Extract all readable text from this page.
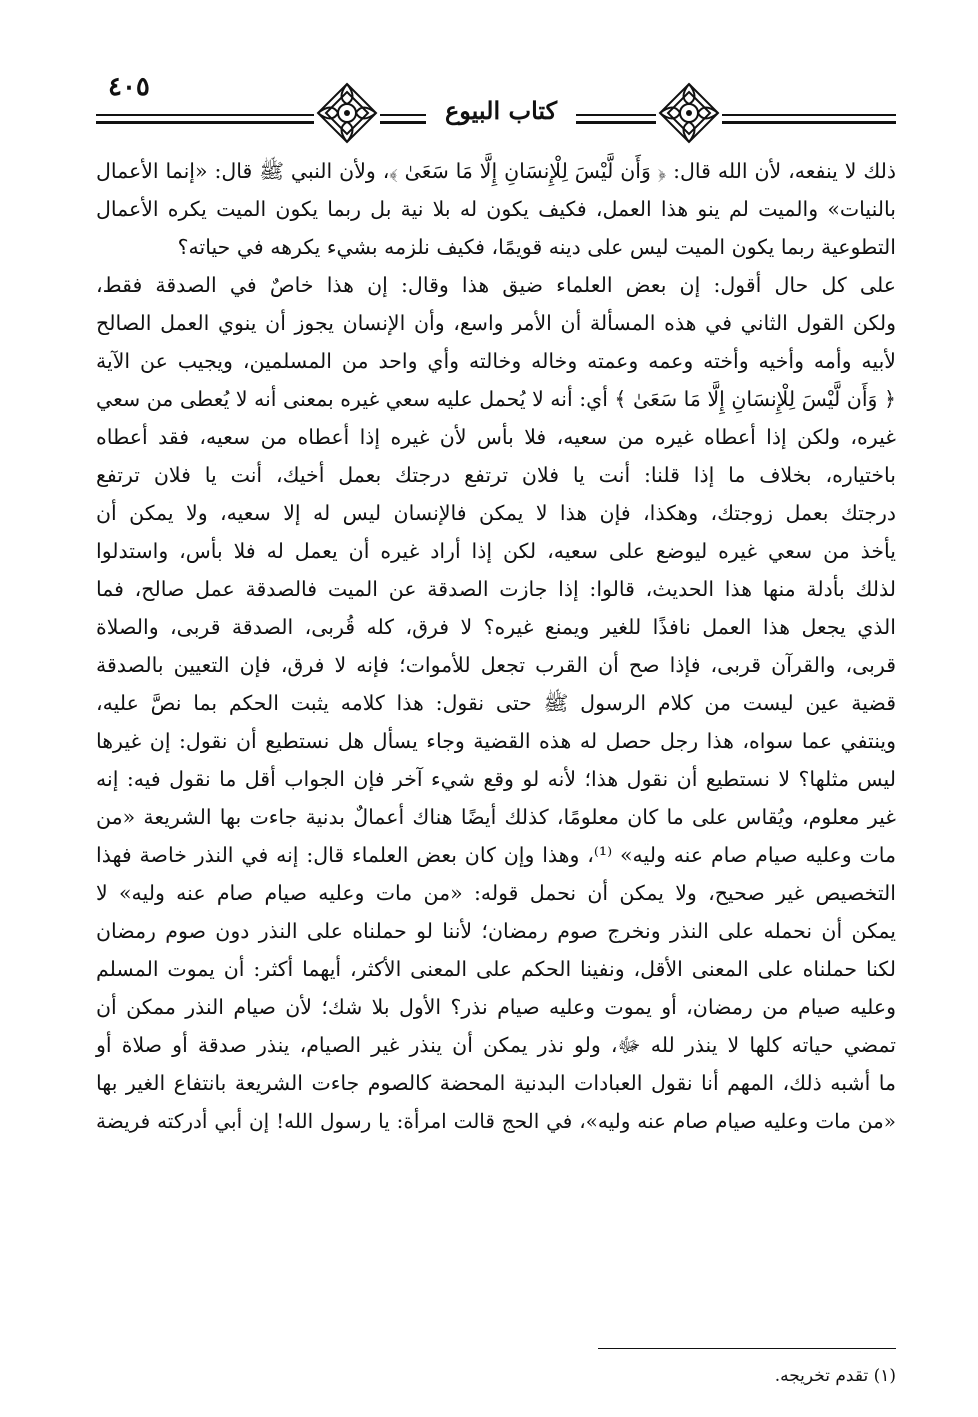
٤٠٥
كتاب البيوع
ذلك لا ينفعه، لأن الله قال: ﴿ وَأَن لَّيْسَ لِلْإِنسَانِ إِلَّا مَا سَعَىٰ ﴾، ولأن النبي ﷺ قال: «إنما الأعمال
بالنيات» والميت لم ينو هذا العمل، فكيف يكون له بلا نية بل ربما يكون الميت يكره الأعمال
التطوعية ربما يكون الميت ليس على دينه قويمًا، فكيف نلزمه بشيء يكرهه في حياته؟
على كل حال أقول: إن بعض العلماء ضيق هذا وقال: إن هذا خاصٌ في الصدقة فقط،
ولكن القول الثاني في هذه المسألة أن الأمر واسع، وأن الإنسان يجوز أن ينوي العمل الصالح
لأبيه وأمه وأخيه وأخته وعمه وعمته وخاله وخالته وأي واحد من المسلمين، ويجيب عن الآية
﴿ وَأَن لَّيْسَ لِلْإِنسَانِ إِلَّا مَا سَعَىٰ ﴾ أي: أنه لا يُحمل عليه سعي غيره بمعنى أنه لا يُعطى من سعي
غيره، ولكن إذا أعطاه غيره من سعيه، فلا بأس لأن غيره إذا أعطاه من سعيه، فقد أعطاه
باختياره، بخلاف ما إذا قلنا: أنت يا فلان ترتفع درجتك بعمل أخيك، أنت يا فلان ترتفع
درجتك بعمل زوجتك، وهكذا، فإن هذا لا يمكن فالإنسان ليس له إلا سعيه، ولا يمكن أن
يأخذ من سعي غيره ليوضع على سعيه، لكن إذا أراد غيره أن يعمل له فلا بأس، واستدلوا
لذلك بأدلة منها هذا الحديث، قالوا: إذا جازت الصدقة عن الميت فالصدقة عمل صالح، فما
الذي يجعل هذا العمل نافذًا للغير ويمنع غيره؟ لا فرق، كله قُربى، الصدقة قربى، والصلاة
قربى، والقرآن قربى، فإذا صح أن القرب تجعل للأموات؛ فإنه لا فرق، فإن التعيين بالصدقة
قضية عين ليست من كلام الرسول ﷺ حتى نقول: هذا كلامه يثبت الحكم بما نصَّ عليه،
وينتفي عما سواه، هذا رجل حصل له هذه القضية وجاء يسأل هل نستطيع أن نقول: إن غيرها
ليس مثلها؟ لا نستطيع أن نقول هذا؛ لأنه لو وقع شيء آخر فإن الجواب أقل ما نقول فيه: إنه
غير معلوم، ويُقاس على ما كان معلومًا، كذلك أيضًا هناك أعمالٌ بدنية جاءت بها الشريعة «من
مات وعليه صيام صام عنه وليه» ⁽¹⁾، وهذا وإن كان بعض العلماء قال: إنه في النذر خاصة فهذا
التخصيص غير صحيح، ولا يمكن أن نحمل قوله: «من مات وعليه صيام صام عنه وليه» لا
يمكن أن نحمله على النذر ونخرج صوم رمضان؛ لأننا لو حملناه على النذر دون صوم رمضان
لكنا حملناه على المعنى الأقل، ونفينا الحكم على المعنى الأكثر، أيهما أكثر: أن يموت المسلم
وعليه صيام من رمضان، أو يموت وعليه صيام نذر؟ الأول بلا شك؛ لأن صيام النذر ممكن أن
تمضي حياته كلها لا ينذر لله ﷻ، ولو نذر يمكن أن ينذر غير الصيام، ينذر صدقة أو صلاة أو
ما أشبه ذلك، المهم أنا نقول العبادات البدنية المحضة كالصوم جاءت الشريعة بانتفاع الغير بها
«من مات وعليه صيام صام عنه وليه»، في الحج قالت امرأة: يا رسول الله! إن أبي أدركته فريضة
(١) تقدم تخريجه.
